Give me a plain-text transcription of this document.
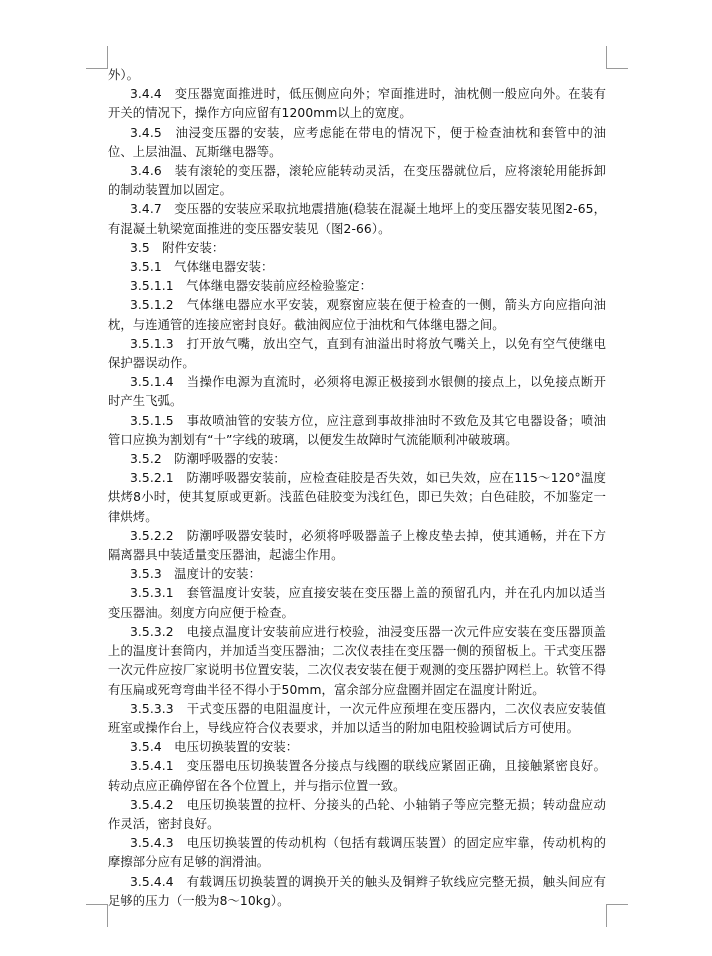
外）。

3.4.4　变压器宽面推进时，低压侧应向外；窄面推进时，油枕侧一般应向外。在装有开关的情况下，操作方向应留有1200mm以上的宽度。

3.4.5　油浸变压器的安装，应考虑能在带电的情况下，便于检查油枕和套管中的油位、上层油温、瓦斯继电器等。

3.4.6　装有滚轮的变压器，滚轮应能转动灵活，在变压器就位后，应将滚轮用能拆卸的制动装置加以固定。

3.4.7　变压器的安装应采取抗地震措施(稳装在混凝土地坪上的变压器安装见图2-65，有混凝土轨梁宽面推进的变压器安装见（图2-66）。

3.5　附件安装：

3.5.1　气体继电器安装：

3.5.1.1　气体继电器安装前应经检验鉴定：

3.5.1.2　气体继电器应水平安装，观察窗应装在便于检查的一侧，箭头方向应指向油枕，与连通管的连接应密封良好。截油阀应位于油枕和气体继电器之间。

3.5.1.3　打开放气嘴，放出空气，直到有油溢出时将放气嘴关上，以免有空气使继电保护器误动作。

3.5.1.4　当操作电源为直流时，必须将电源正极接到水银侧的接点上，以免接点断开时产生飞弧。

3.5.1.5　事故喷油管的安装方位，应注意到事故排油时不致危及其它电器设备；喷油管口应换为割划有“十”字线的玻璃，以便发生故障时气流能顺利冲破玻璃。

3.5.2　防潮呼吸器的安装：

3.5.2.1　防潮呼吸器安装前，应检查硅胶是否失效，如已失效，应在115～120°温度烘烤8小时，使其复原或更新。浅蓝色硅胶变为浅红色，即已失效；白色硅胶，不加鉴定一律烘烤。

3.5.2.2　防潮呼吸器安装时，必须将呼吸器盖子上橡皮垫去掉，使其通畅，并在下方隔离器具中装适量变压器油，起滤尘作用。

3.5.3　温度计的安装：

3.5.3.1　套管温度计安装，应直接安装在变压器上盖的预留孔内，并在孔内加以适当变压器油。刻度方向应便于检查。

3.5.3.2　电接点温度计安装前应进行校验，油浸变压器一次元件应安装在变压器顶盖上的温度计套筒内，并加适当变压器油；二次仪表挂在变压器一侧的预留板上。干式变压器一次元件应按厂家说明书位置安装，二次仪表安装在便于观测的变压器护网栏上。软管不得有压扁或死弯弯曲半径不得小于50mm，富余部分应盘圈并固定在温度计附近。

3.5.3.3　干式变压器的电阻温度计，一次元件应预埋在变压器内，二次仪表应安装值班室或操作台上，导线应符合仪表要求，并加以适当的附加电阻校验调试后方可使用。

3.5.4　电压切换装置的安装：

3.5.4.1　变压器电压切换装置各分接点与线圈的联线应紧固正确，且接触紧密良好。转动点应正确停留在各个位置上，并与指示位置一致。

3.5.4.2　电压切换装置的拉杆、分接头的凸轮、小轴销子等应完整无损；转动盘应动作灵活，密封良好。

3.5.4.3　电压切换装置的传动机构（包括有载调压装置）的固定应牢靠，传动机构的摩擦部分应有足够的润滑油。

3.5.4.4　有载调压切换装置的调换开关的触头及铜辫子软线应完整无损，触头间应有足够的压力（一般为8～10kg）。
